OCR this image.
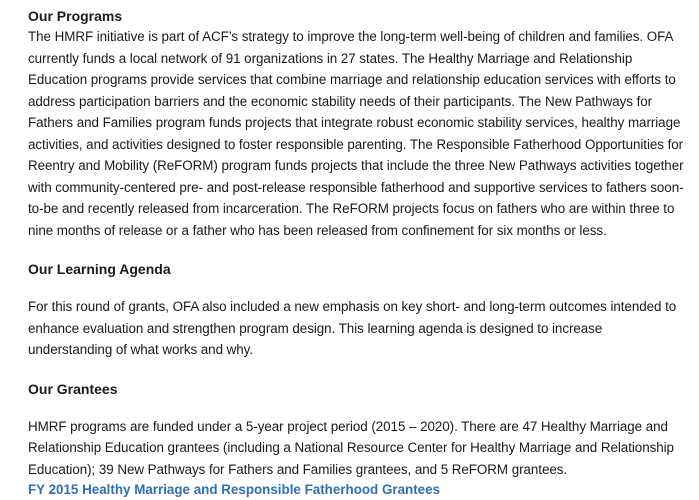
Our Programs

The HMRF initiative is part of ACF’s strategy to improve the long-term well-being of children and families. OFA currently funds a local network of 91 organizations in 27 states. The Healthy Marriage and Relationship Education programs provide services that combine marriage and relationship education services with efforts to address participation barriers and the economic stability needs of their participants. The New Pathways for Fathers and Families program funds projects that integrate robust economic stability services, healthy marriage activities, and activities designed to foster responsible parenting. The Responsible Fatherhood Opportunities for Reentry and Mobility (ReFORM) program funds projects that include the three New Pathways activities together with community-centered pre- and post-release responsible fatherhood and supportive services to fathers soon-to-be and recently released from incarceration. The ReFORM projects focus on fathers who are within three to nine months of release or a father who has been released from confinement for six months or less.

Our Learning Agenda

For this round of grants, OFA also included a new emphasis on key short- and long-term outcomes intended to enhance evaluation and strengthen program design. This learning agenda is designed to increase understanding of what works and why.

Our Grantees

HMRF programs are funded under a 5-year project period (2015 – 2020). There are 47 Healthy Marriage and Relationship Education grantees (including a National Resource Center for Healthy Marriage and Relationship Education); 39 New Pathways for Fathers and Families grantees, and 5 ReFORM grantees.

FY 2015 Healthy Marriage and Responsible Fatherhood Grantees
